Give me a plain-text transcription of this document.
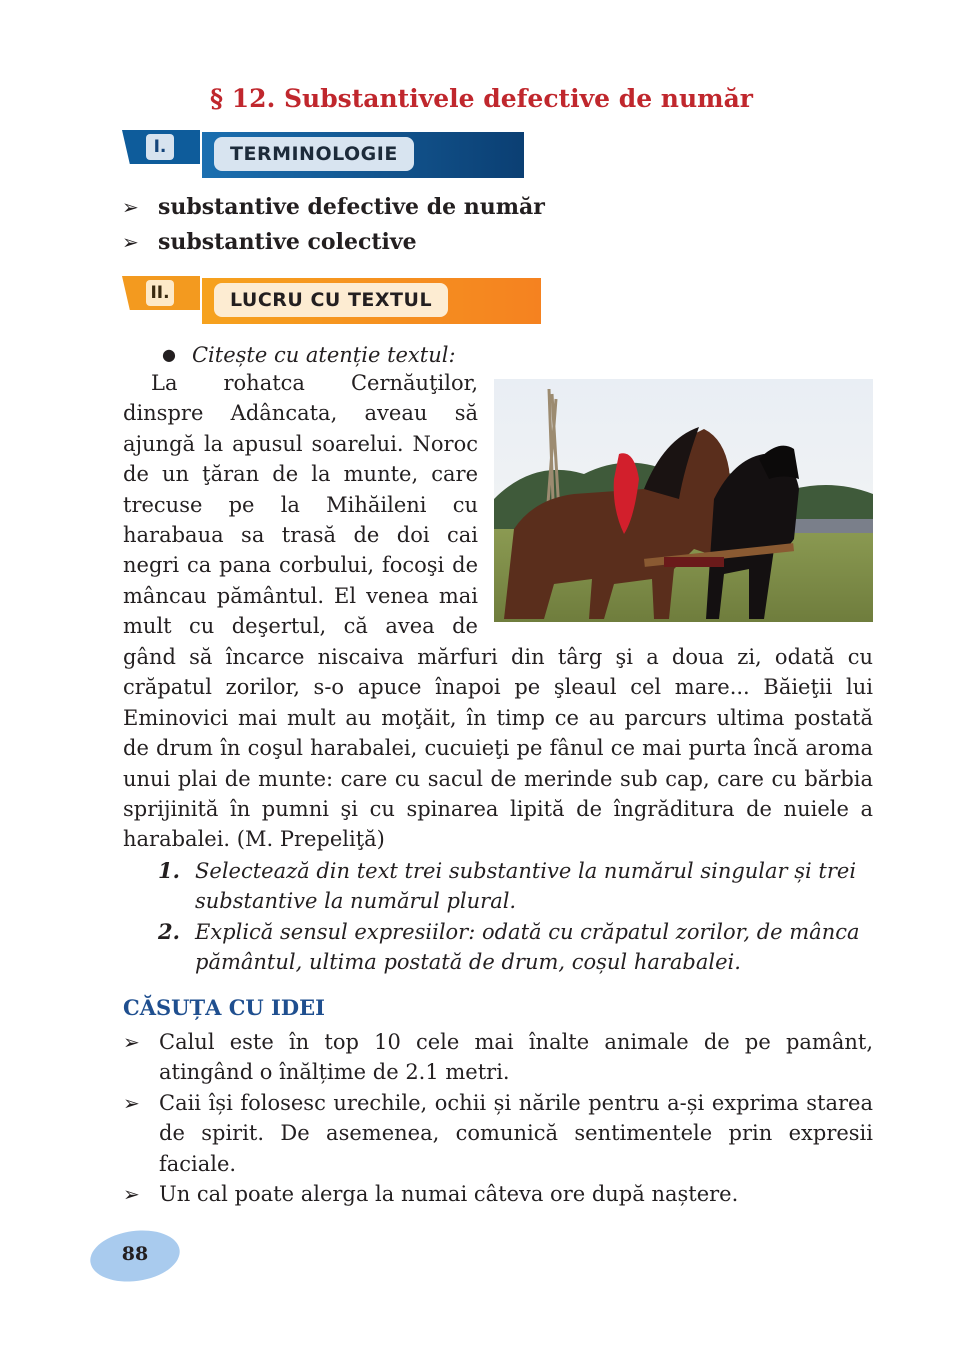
§ 12. Substantivele defective de număr
I.	TERMINOLOGIE
➢ substantive defective de număr
➢ substantive colective
II.	LUCRU CU TEXTUL
● Citește cu atenție textul:
La rohatca Cernăuţilor,
dinspre Adâncata, aveau să
ajungă la apusul soarelui. Noroc
de un ţăran de la munte, care
trecuse pe la Mihăileni cu
harabaua sa trasă de doi cai
negri ca pana corbului, focoşi de
mâncau pământul. El venea mai
mult cu deşertul, că avea de
gând să încarce niscaiva mărfuri din târg şi a doua zi, odată cu
crăpatul zorilor, s-o apuce înapoi pe şleaul cel mare... Băieţii lui
Eminovici mai mult au moţăit, în timp ce au parcurs ultima postată
de drum în coşul harabalei, cucuieţi pe fânul ce mai purta încă aroma
unui plai de munte: care cu sacul de merinde sub cap, care cu bărbia
sprijinită în pumni şi cu spinarea lipită de îngrăditura de nuiele a
harabalei. (M. Prepeliţă)
1. Selectează din text trei substantive la numărul singular și trei substantive la numărul plural.
2. Explică sensul expresiilor: odată cu crăpatul zorilor, de mânca pământul, ultima postată de drum, coșul harabalei.
CĂSUȚA CU IDEI
➢ Calul este în top 10 cele mai înalte animale de pe pamânt, atingând o înălțime de 2.1 metri.
➢ Caii își folosesc urechile, ochii și nările pentru a-și exprima starea de spirit. De asemenea, comunică sentimentele prin expresii faciale.
➢ Un cal poate alerga la numai câteva ore după naștere.
88
